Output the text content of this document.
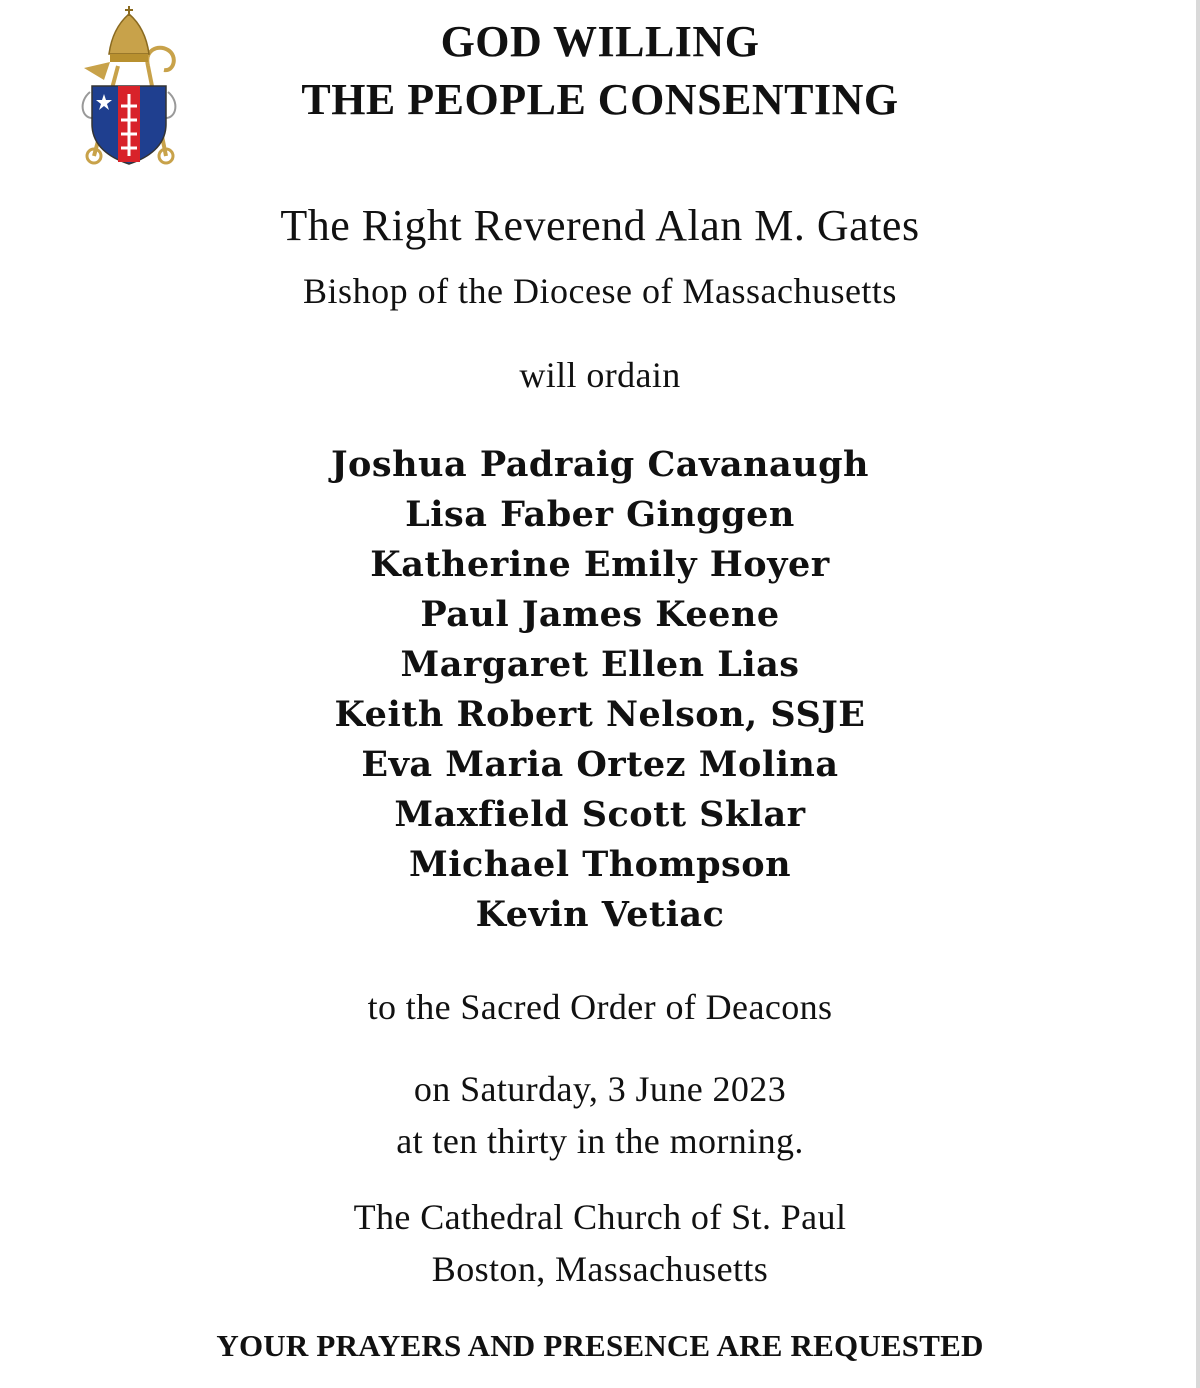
GOD WILLING
THE PEOPLE CONSENTING
The Right Reverend Alan M. Gates
Bishop of the Diocese of Massachusetts
will ordain
Joshua Padraig Cavanaugh
Lisa Faber Ginggen
Katherine Emily Hoyer
Paul James Keene
Margaret Ellen Lias
Keith Robert Nelson, SSJE
Eva Maria Ortez Molina
Maxfield Scott Sklar
Michael Thompson
Kevin Vetiac
to the Sacred Order of Deacons
on Saturday, 3 June 2023
at ten thirty in the morning.
The Cathedral Church of St. Paul
Boston, Massachusetts
YOUR PRAYERS AND PRESENCE ARE REQUESTED
